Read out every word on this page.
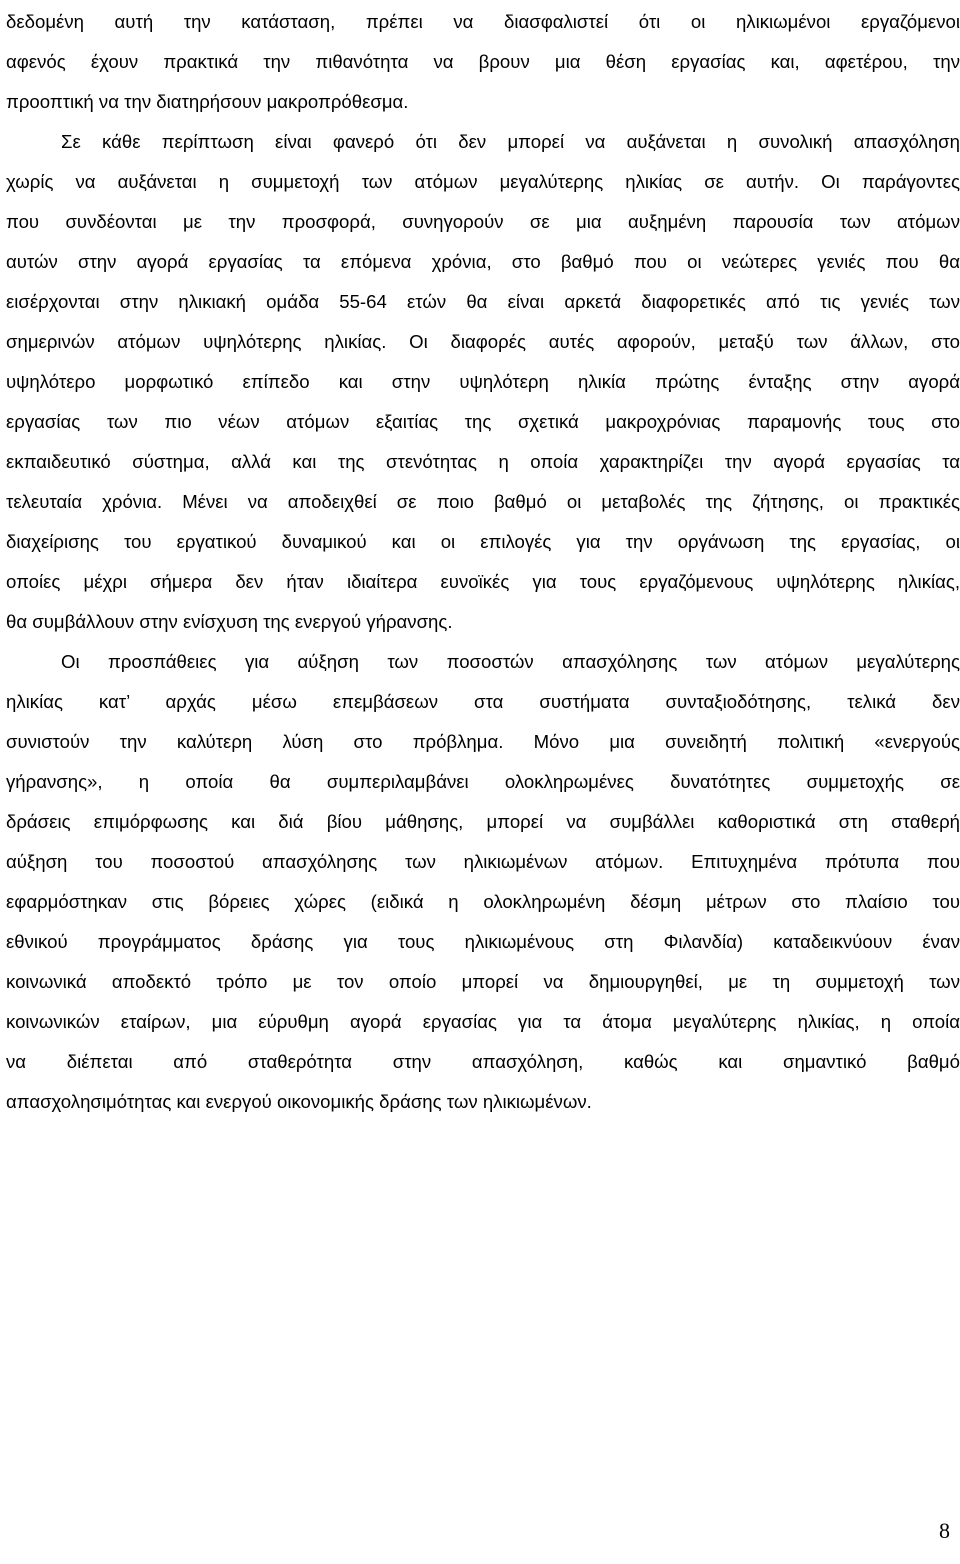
δεδομένη αυτή την κατάσταση, πρέπει να διασφαλιστεί ότι οι ηλικιωμένοι εργαζόμενοι
αφενός έχουν πρακτικά την πιθανότητα να βρουν μια θέση εργασίας και, αφετέρου, την
προοπτική να την διατηρήσουν μακροπρόθεσμα.
Σε κάθε περίπτωση είναι φανερό ότι δεν μπορεί να αυξάνεται η συνολική απασχόληση
χωρίς να αυξάνεται η συμμετοχή των ατόμων μεγαλύτερης ηλικίας σε αυτήν. Οι παράγοντες
που συνδέονται με την προσφορά, συνηγορούν σε μια αυξημένη παρουσία των ατόμων
αυτών στην αγορά εργασίας τα επόμενα χρόνια, στο βαθμό που οι νεώτερες γενιές που θα
εισέρχονται στην ηλικιακή ομάδα 55-64 ετών θα είναι αρκετά διαφορετικές από τις γενιές των
σημερινών ατόμων υψηλότερης ηλικίας. Οι διαφορές αυτές αφορούν, μεταξύ των άλλων, στο
υψηλότερο μορφωτικό επίπεδο και στην υψηλότερη ηλικία πρώτης ένταξης στην αγορά
εργασίας των πιο νέων ατόμων εξαιτίας της σχετικά μακροχρόνιας παραμονής τους στο
εκπαιδευτικό σύστημα, αλλά και της στενότητας η οποία χαρακτηρίζει την αγορά εργασίας τα
τελευταία χρόνια. Μένει να αποδειχθεί σε ποιο βαθμό οι μεταβολές της ζήτησης, οι πρακτικές
διαχείρισης του εργατικού δυναμικού και οι επιλογές για την οργάνωση της εργασίας, οι
οποίες μέχρι σήμερα δεν ήταν ιδιαίτερα ευνοϊκές για τους εργαζόμενους υψηλότερης ηλικίας,
θα συμβάλλουν στην ενίσχυση της ενεργού γήρανσης.
Οι προσπάθειες για αύξηση των ποσοστών απασχόλησης των ατόμων μεγαλύτερης
ηλικίας κατ’ αρχάς μέσω επεμβάσεων στα συστήματα συνταξιοδότησης, τελικά δεν
συνιστούν την καλύτερη λύση στο πρόβλημα. Μόνο μια συνειδητή πολιτική «ενεργούς
γήρανσης», η οποία θα συμπεριλαμβάνει ολοκληρωμένες δυνατότητες συμμετοχής σε
δράσεις επιμόρφωσης και διά βίου μάθησης, μπορεί να συμβάλλει καθοριστικά στη σταθερή
αύξηση του ποσοστού απασχόλησης των ηλικιωμένων ατόμων. Επιτυχημένα πρότυπα που
εφαρμόστηκαν στις βόρειες χώρες (ειδικά η ολοκληρωμένη δέσμη μέτρων στο πλαίσιο του
εθνικού προγράμματος δράσης για τους ηλικιωμένους στη Φιλανδία) καταδεικνύουν έναν
κοινωνικά αποδεκτό τρόπο με τον οποίο μπορεί να δημιουργηθεί, με τη συμμετοχή των
κοινωνικών εταίρων, μια εύρυθμη αγορά εργασίας για τα άτομα μεγαλύτερης ηλικίας, η οποία
να διέπεται από σταθερότητα στην απασχόληση, καθώς και σημαντικό βαθμό
απασχολησιμότητας και ενεργού οικονομικής δράσης των ηλικιωμένων.
8
